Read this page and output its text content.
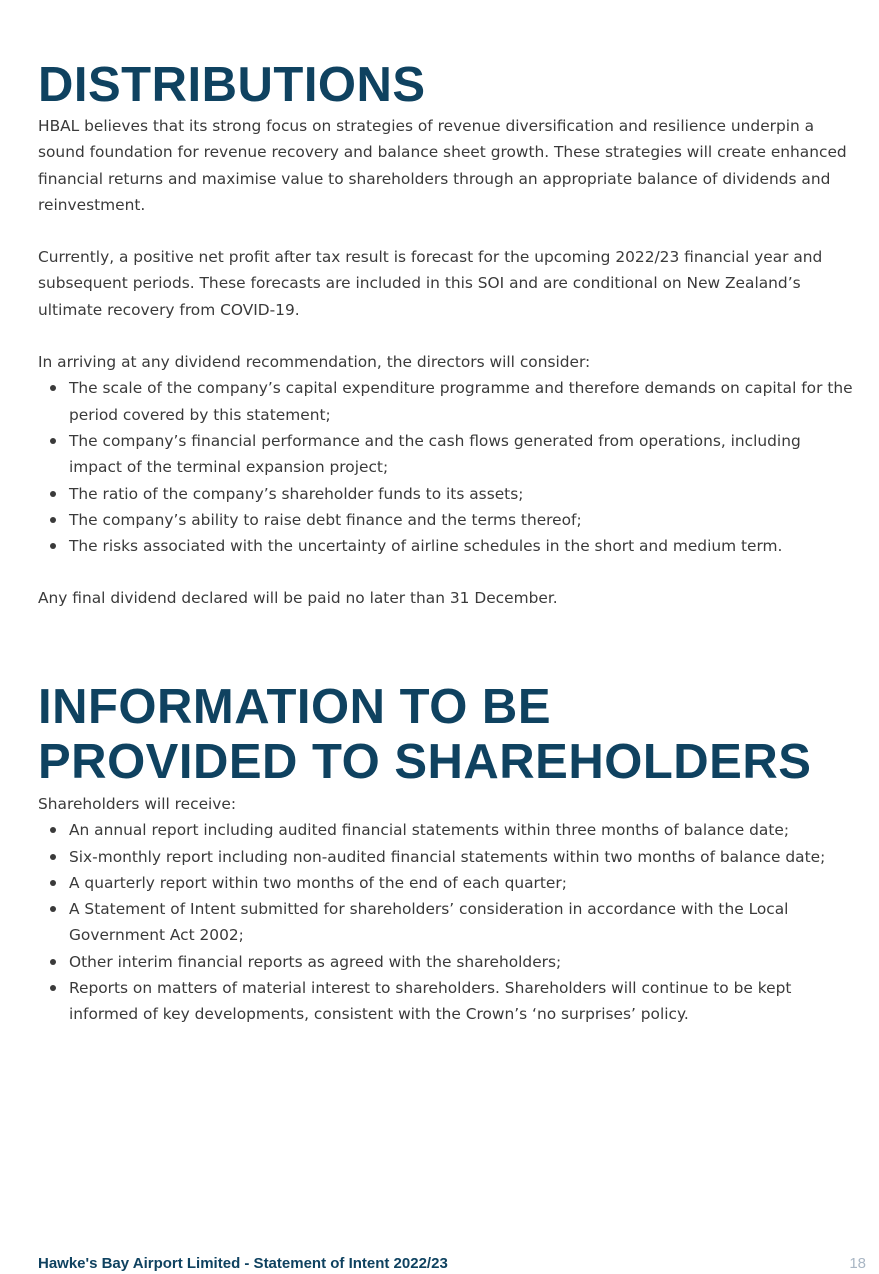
DISTRIBUTIONS

HBAL believes that its strong focus on strategies of revenue diversification and resilience underpin a sound foundation for revenue recovery and balance sheet growth. These strategies will create enhanced financial returns and maximise value to shareholders through an appropriate balance of dividends and reinvestment.

Currently, a positive net profit after tax result is forecast for the upcoming 2022/23 financial year and subsequent periods. These forecasts are included in this SOI and are conditional on New Zealand’s ultimate recovery from COVID-19.

In arriving at any dividend recommendation, the directors will consider:

The scale of the company’s capital expenditure programme and therefore demands on capital for the period covered by this statement;
The company’s financial performance and the cash flows generated from operations, including impact of the terminal expansion project;
The ratio of the company’s shareholder funds to its assets;
The company’s ability to raise debt finance and the terms thereof;
The risks associated with the uncertainty of airline schedules in the short and medium term.

Any final dividend declared will be paid no later than 31 December.

INFORMATION TO BE
PROVIDED TO SHAREHOLDERS

Shareholders will receive:

An annual report including audited financial statements within three months of balance date;
Six-monthly report including non-audited financial statements within two months of balance date;
A quarterly report within two months of the end of each quarter;
A Statement of Intent submitted for shareholders’ consideration in accordance with the Local Government Act 2002;
Other interim financial reports as agreed with the shareholders;
Reports on matters of material interest to shareholders. Shareholders will continue to be kept informed of key developments, consistent with the Crown’s ‘no surprises’ policy.
Hawke's Bay Airport Limited - Statement of Intent 2022/23	18
